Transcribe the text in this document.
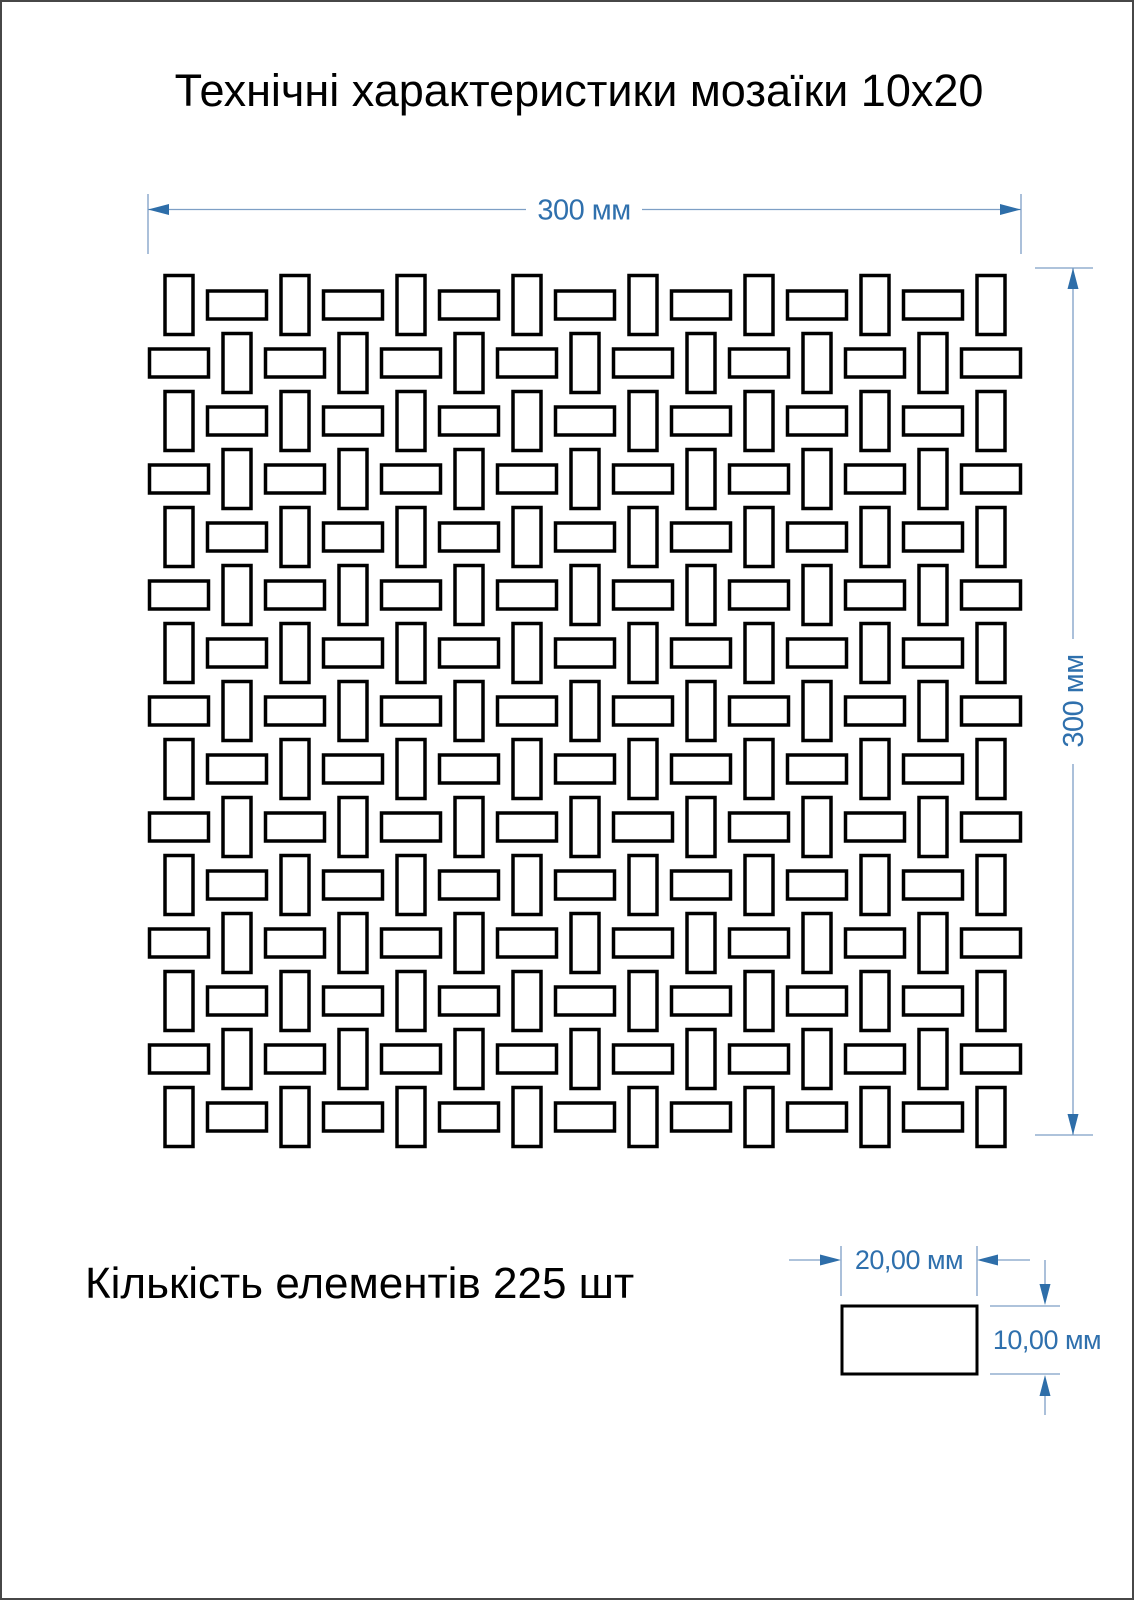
Технічні характеристики мозаїки 10х20
300 мм
300 мм
20,00 мм
10,00 мм
Кількість елементів 225 шт
